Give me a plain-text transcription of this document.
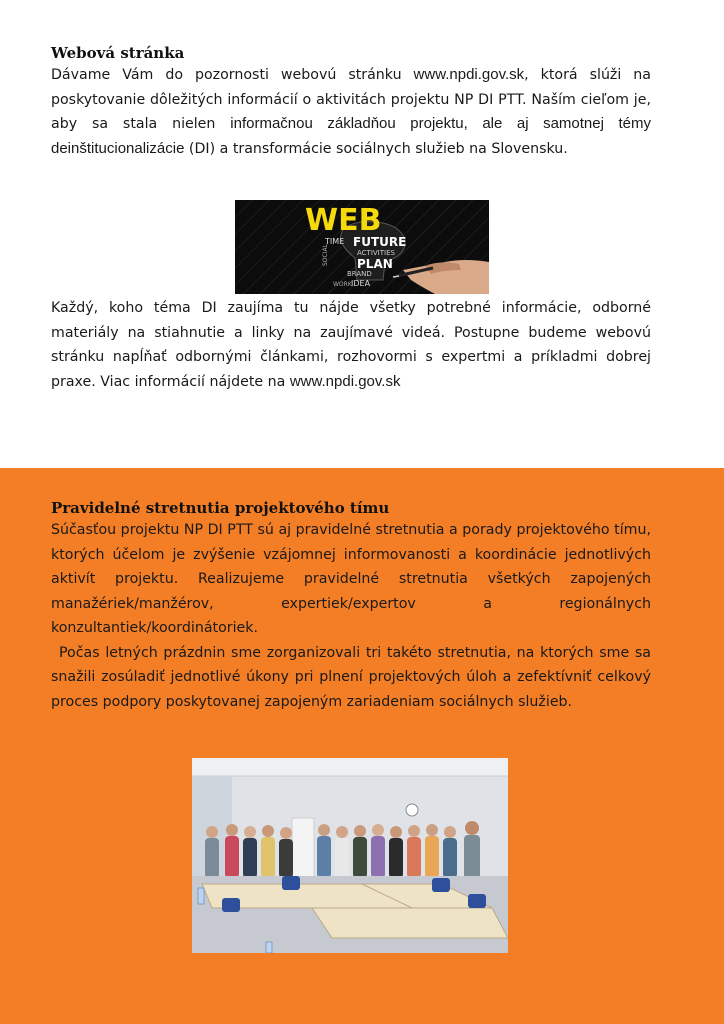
Webová stránka

Dávame Vám do pozornosti webovú stránku www.npdi.gov.sk, ktorá slúži na poskytovanie dôležitých informácií o aktivitách projektu NP DI PTT. Naším cieľom je, aby sa stala nielen informačnou základňou projektu, ale aj samotnej témy deinštitucionalizácie (DI) a transformácie sociálnych služieb na Slovensku.

WEB
TIME FUTURE
ACTIVITIES
PLAN
BRAND
IDEA
SOCIAL
WORK

Každý, koho téma DI zaujíma tu nájde všetky potrebné informácie, odborné materiály na stiahnutie a linky na zaujímavé videá. Postupne budeme webovú stránku napĺňať odbornými článkami, rozhovormi s expertmi a príkladmi dobrej praxe. Viac informácií nájdete na www.npdi.gov.sk

Pravidelné stretnutia projektového tímu

Súčasťou projektu NP DI PTT sú aj pravidelné stretnutia a porady projektového tímu, ktorých účelom je zvýšenie vzájomnej informovanosti a koordinácie jednotlivých aktivít projektu. Realizujeme pravidelné stretnutia všetkých zapojených manažériek/manžérov, expertiek/expertov a regionálnych konzultantiek/koordinátoriek.

Počas letných prázdnin sme zorganizovali tri takéto stretnutia, na ktorých sme sa snažili zosúladiť jednotlivé úkony pri plnení projektových úloh a zefektívniť celkový proces podpory poskytovanej zapojeným zariadeniam sociálnych služieb.
